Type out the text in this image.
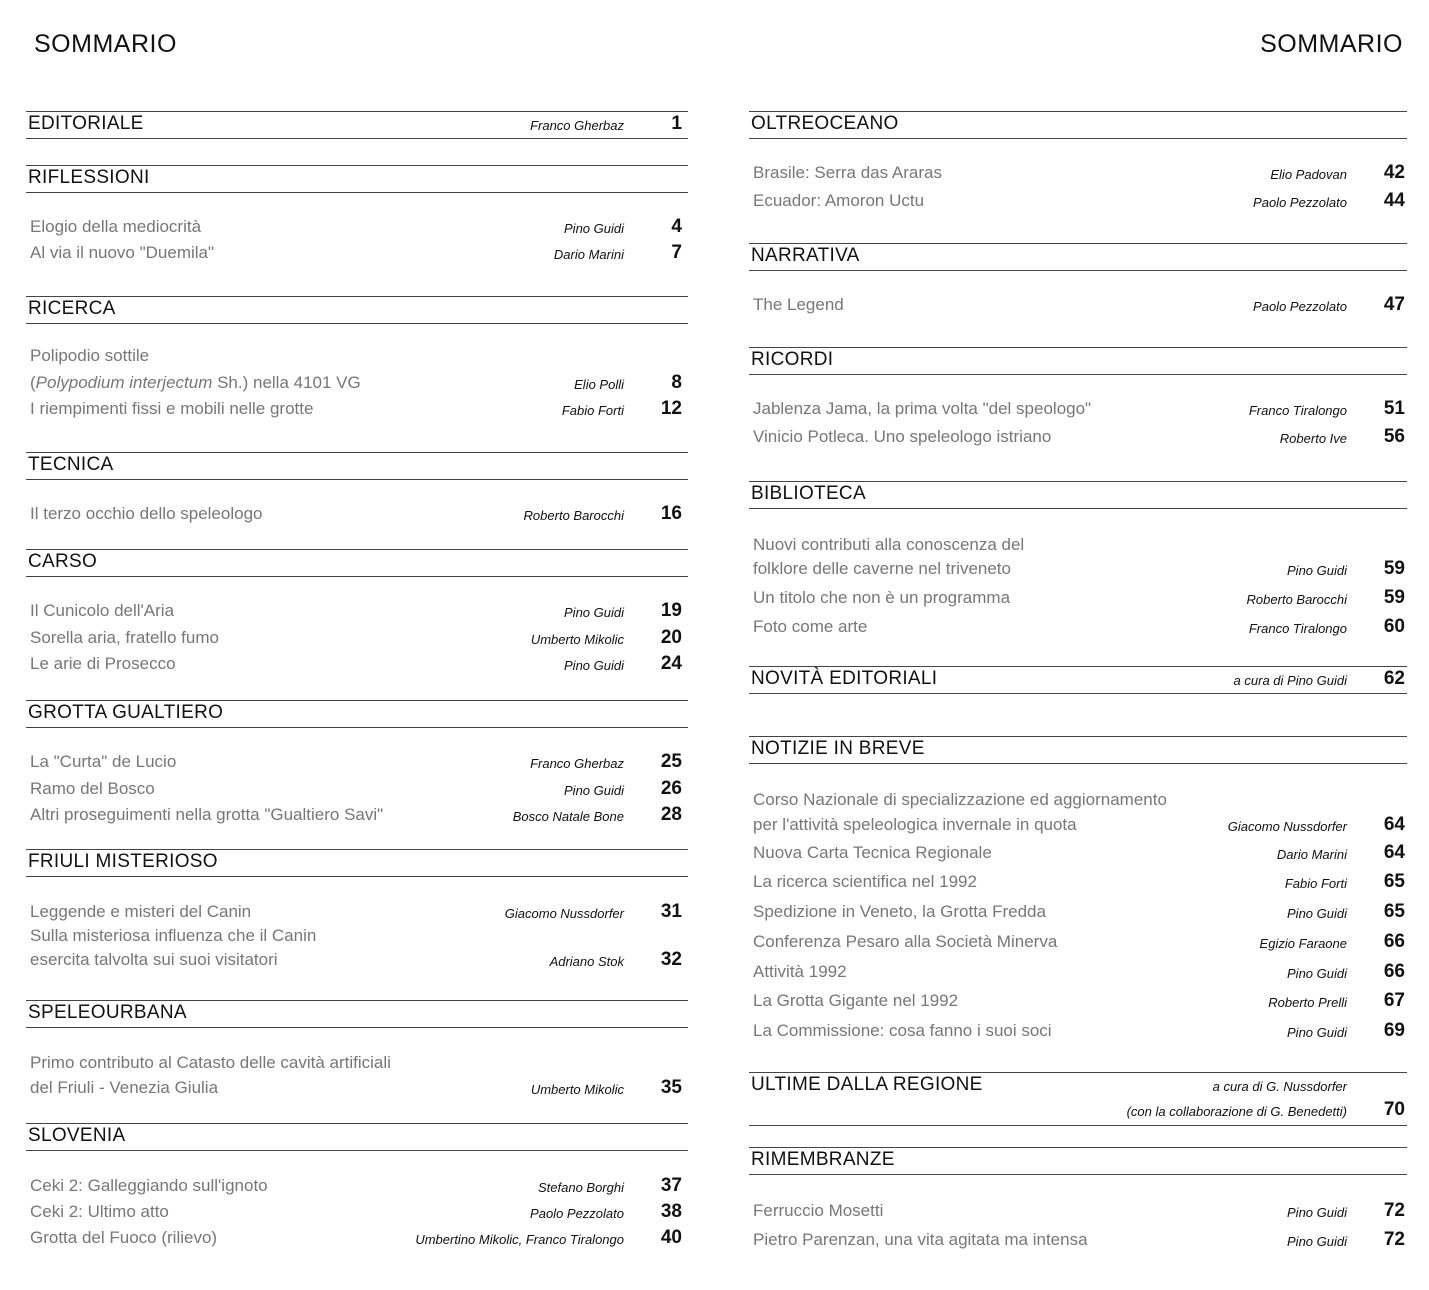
SOMMARIO
EDITORIALE	Franco Gherbaz	1
RIFLESSIONI
Elogio della mediocrità	Pino Guidi	4
Al via il nuovo "Duemila"	Dario Marini	7
RICERCA
Polipodio sottile
(Polypodium interjectum Sh.) nella 4101 VG	Elio Polli	8
I riempimenti fissi e mobili nelle grotte	Fabio Forti	12
TECNICA
Il terzo occhio dello speleologo	Roberto Barocchi	16
CARSO
Il Cunicolo dell'Aria	Pino Guidi	19
Sorella aria, fratello fumo	Umberto Mikolic	20
Le arie di Prosecco	Pino Guidi	24
GROTTA GUALTIERO
La "Curta" de Lucio	Franco Gherbaz	25
Ramo del Bosco	Pino Guidi	26
Altri proseguimenti nella grotta "Gualtiero Savi"	Bosco Natale Bone	28
FRIULI MISTERIOSO
Leggende e misteri del Canin	Giacomo Nussdorfer	31
Sulla misteriosa influenza che il Canin
esercita talvolta sui suoi visitatori	Adriano Stok	32
SPELEOURBANA
Primo contributo al Catasto delle cavità artificiali
del Friuli - Venezia Giulia	Umberto Mikolic	35
SLOVENIA
Ceki 2: Galleggiando sull'ignoto	Stefano Borghi	37
Ceki 2: Ultimo atto	Paolo Pezzolato	38
Grotta del Fuoco (rilievo)	Umbertino Mikolic, Franco Tiralongo	40
SOMMARIO
OLTREOCEANO
Brasile: Serra das Araras	Elio Padovan	42
Ecuador: Amoron Uctu	Paolo Pezzolato	44
NARRATIVA
The Legend	Paolo Pezzolato	47
RICORDI
Jablenza Jama, la prima volta "del speologo"	Franco Tiralongo	51
Vinicio Potleca. Uno speleologo istriano	Roberto Ive	56
BIBLIOTECA
Nuovi contributi alla conoscenza del
folklore delle caverne nel triveneto	Pino Guidi	59
Un titolo che non è un programma	Roberto Barocchi	59
Foto come arte	Franco Tiralongo	60
NOVITÀ EDITORIALI	a cura di Pino Guidi	62
NOTIZIE IN BREVE
Corso Nazionale di specializzazione ed aggiornamento
per l'attività speleologica invernale in quota	Giacomo Nussdorfer	64
Nuova Carta Tecnica Regionale	Dario Marini	64
La ricerca scientifica nel 1992	Fabio Forti	65
Spedizione in Veneto, la Grotta Fredda	Pino Guidi	65
Conferenza Pesaro alla Società Minerva	Egizio Faraone	66
Attività 1992	Pino Guidi	66
La Grotta Gigante nel 1992	Roberto Prelli	67
La Commissione: cosa fanno i suoi soci	Pino Guidi	69
ULTIME DALLA REGIONE	a cura di G. Nussdorfer
(con la collaborazione di G. Benedetti)	70
RIMEMBRANZE
Ferruccio Mosetti	Pino Guidi	72
Pietro Parenzan, una vita agitata ma intensa	Pino Guidi	72
